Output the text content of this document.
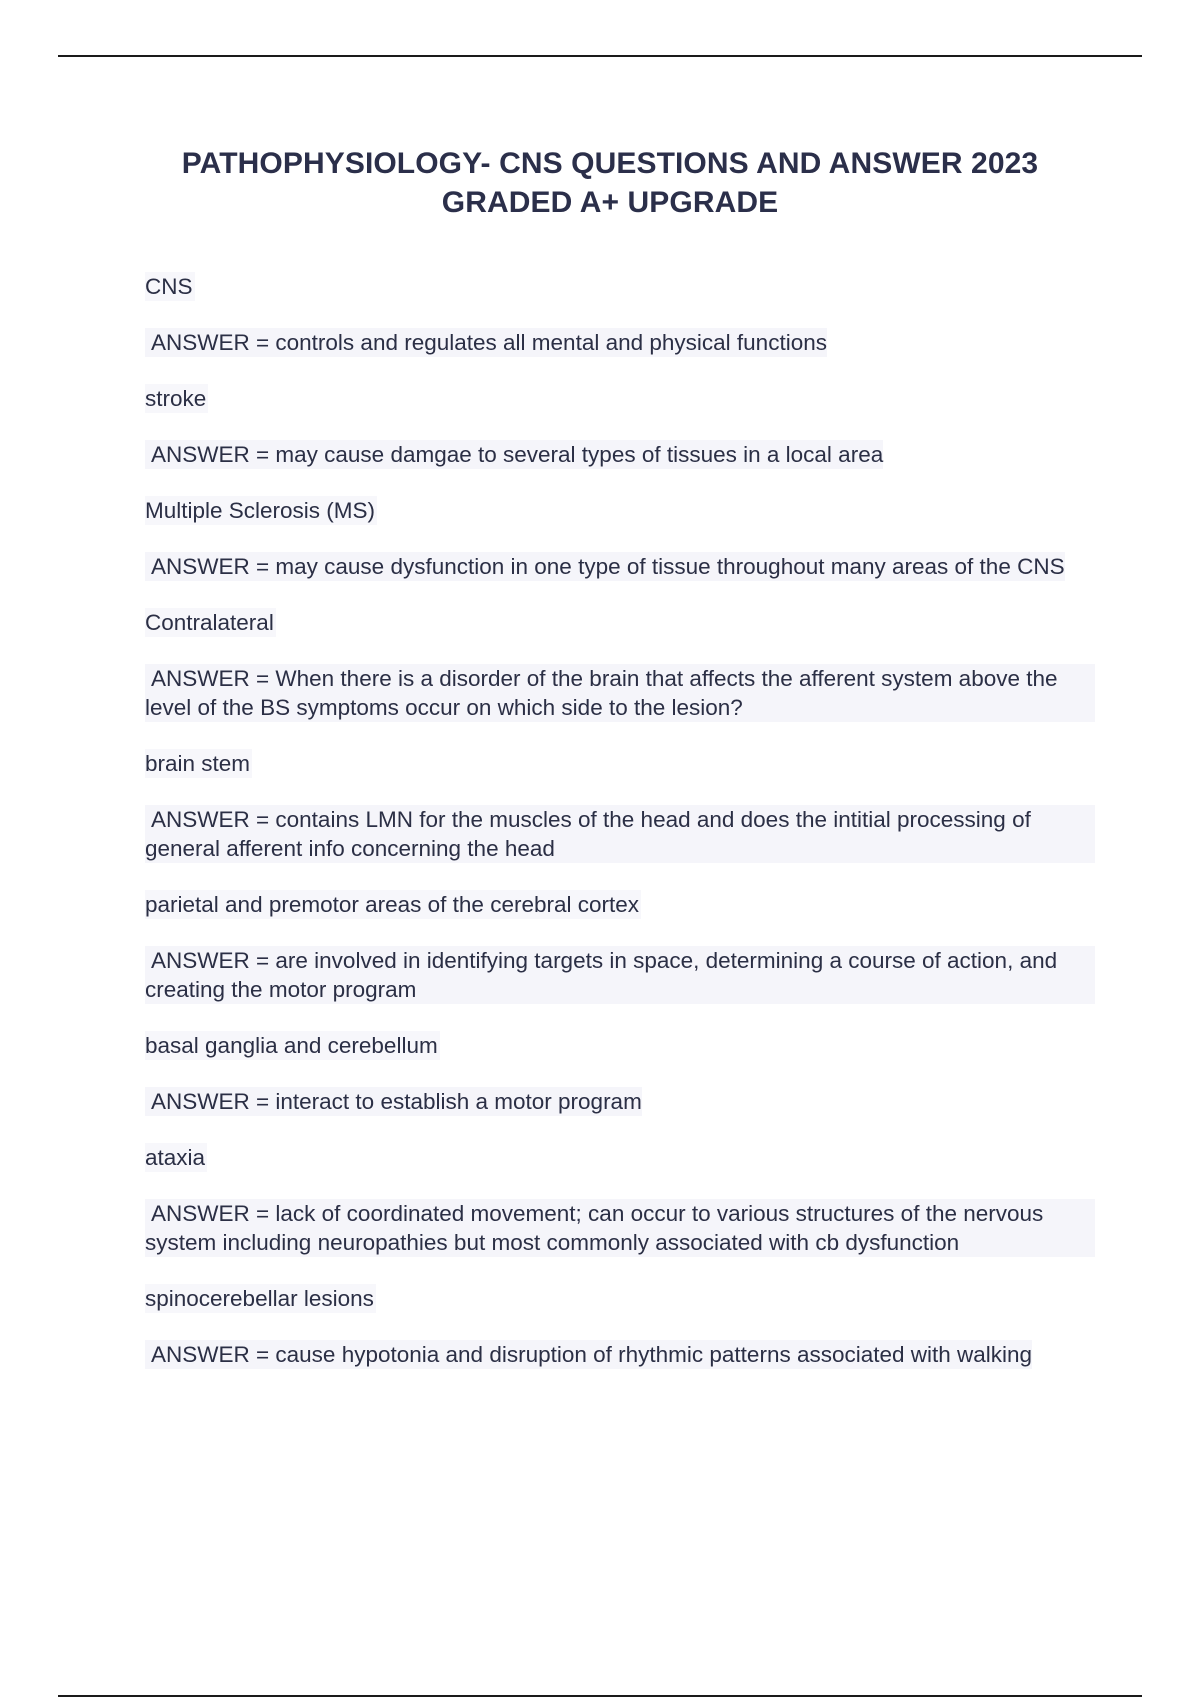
PATHOPHYSIOLOGY- CNS QUESTIONS AND ANSWER 2023 GRADED A+ UPGRADE

CNS

ANSWER = controls and regulates all mental and physical functions

stroke

ANSWER = may cause damgae to several types of tissues in a local area

Multiple Sclerosis (MS)

ANSWER = may cause dysfunction in one type of tissue throughout many areas of the CNS

Contralateral

ANSWER = When there is a disorder of the brain that affects the afferent system above the level of the BS symptoms occur on which side to the lesion?

brain stem

ANSWER = contains LMN for the muscles of the head and does the intitial processing of general afferent info concerning the head

parietal and premotor areas of the cerebral cortex

ANSWER = are involved in identifying targets in space, determining a course of action, and creating the motor program

basal ganglia and cerebellum

ANSWER = interact to establish a motor program

ataxia

ANSWER = lack of coordinated movement; can occur to various structures of the nervous system including neuropathies but most commonly associated with cb dysfunction

spinocerebellar lesions

ANSWER = cause hypotonia and disruption of rhythmic patterns associated with walking
